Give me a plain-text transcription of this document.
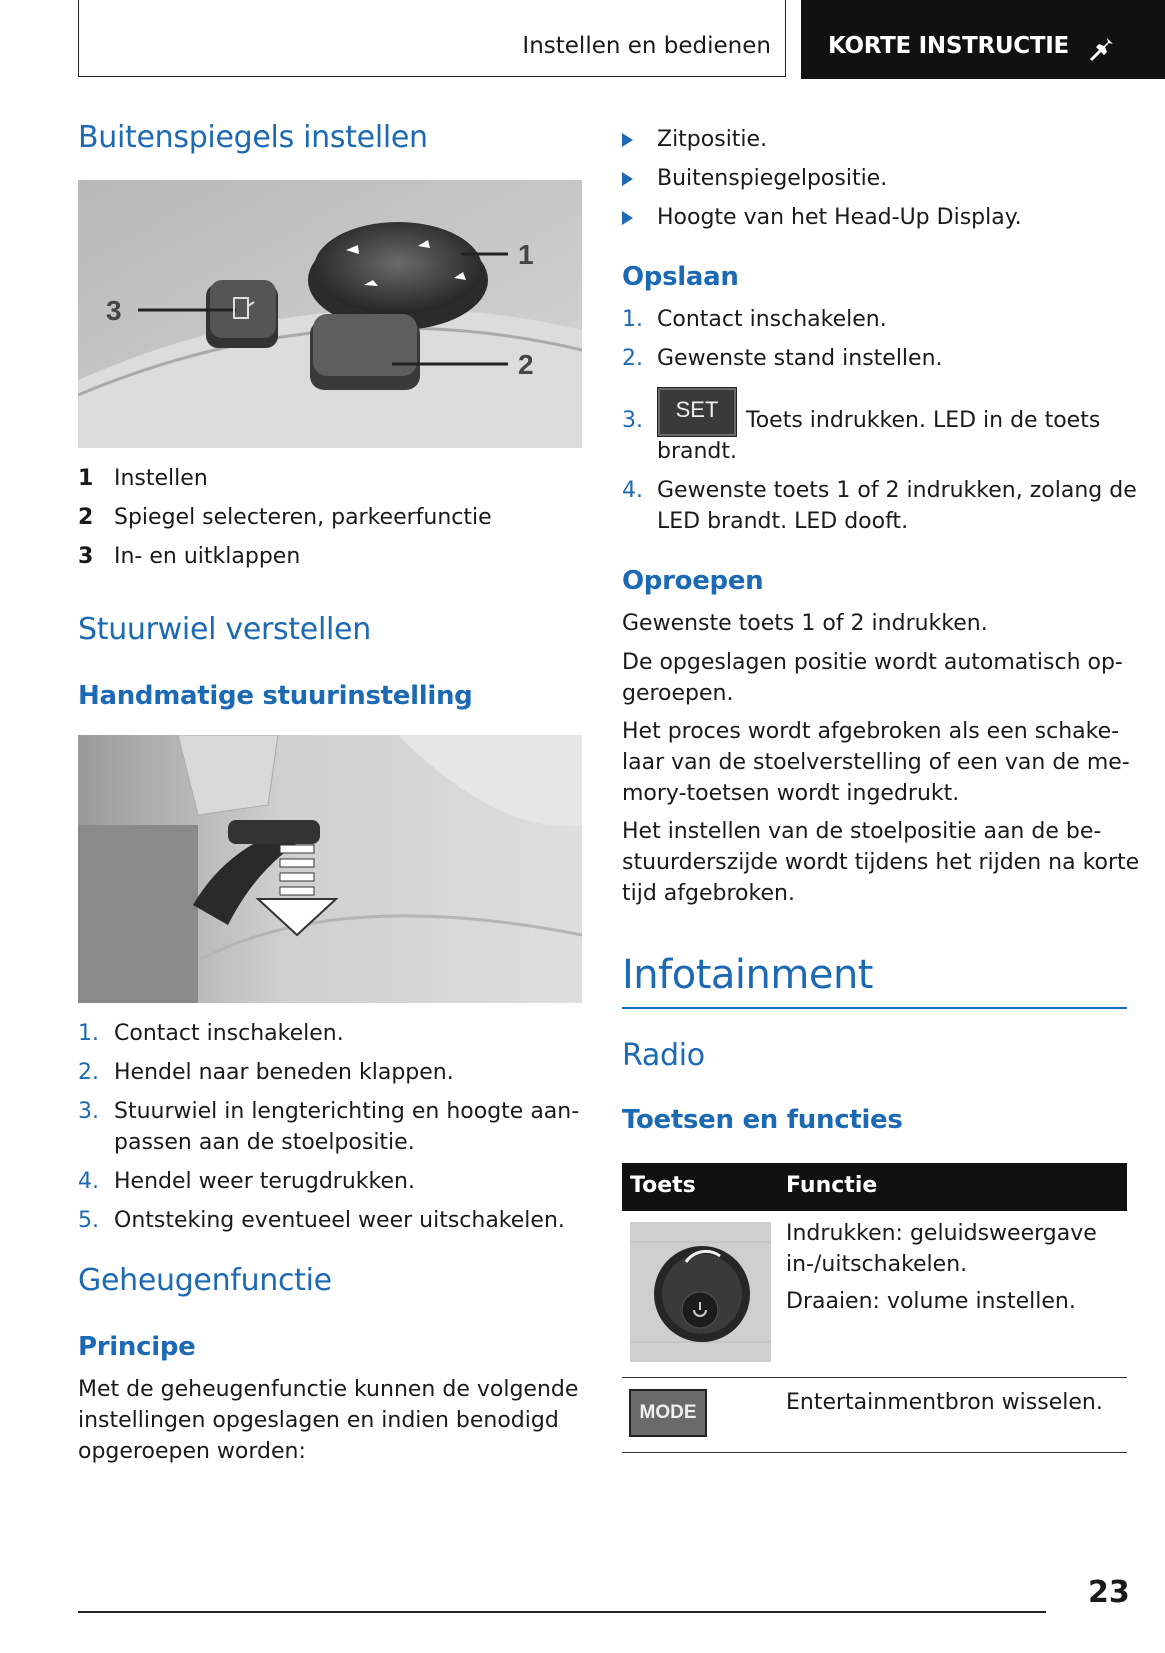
Instellen en bedienen KORTE INSTRUCTIE
Buitenspiegels instellen
3
1
2
1 Instellen
2 Spiegel selecteren, parkeerfunctie
3 In- en uitklappen
Stuurwiel verstellen
Handmatige stuurinstelling
1. Contact inschakelen.
2. Hendel naar beneden klappen.
3. Stuurwiel in lengterichting en hoogte aan-
passen aan de stoelpositie.
4. Hendel weer terugdrukken.
5. Ontsteking eventueel weer uitschakelen.
Geheugenfunctie
Principe
Met de geheugenfunctie kunnen de volgende
instellingen opgeslagen en indien benodigd
opgeroepen worden:
Zitpositie.
Buitenspiegelpositie.
Hoogte van het Head-Up Display.
Opslaan
1. Contact inschakelen.
2. Gewenste stand instellen.
3.	SET	Toets indrukken. LED in de toets
brandt.
4. Gewenste toets 1 of 2 indrukken, zolang de
LED brandt. LED dooft.
Oproepen
Gewenste toets 1 of 2 indrukken.
De opgeslagen positie wordt automatisch op-
geroepen.
Het proces wordt afgebroken als een schake-
laar van de stoelverstelling of een van de me-
mory-toetsen wordt ingedrukt.
Het instellen van de stoelpositie aan de be-
stuurderszijde wordt tijdens het rijden na korte
tijd afgebroken.
Infotainment
Radio
Toetsen en functies
Toets	Functie
Indrukken: geluidsweergave
in-/uitschakelen.
Draaien: volume instellen.
MODE	Entertainmentbron wisselen.
23
